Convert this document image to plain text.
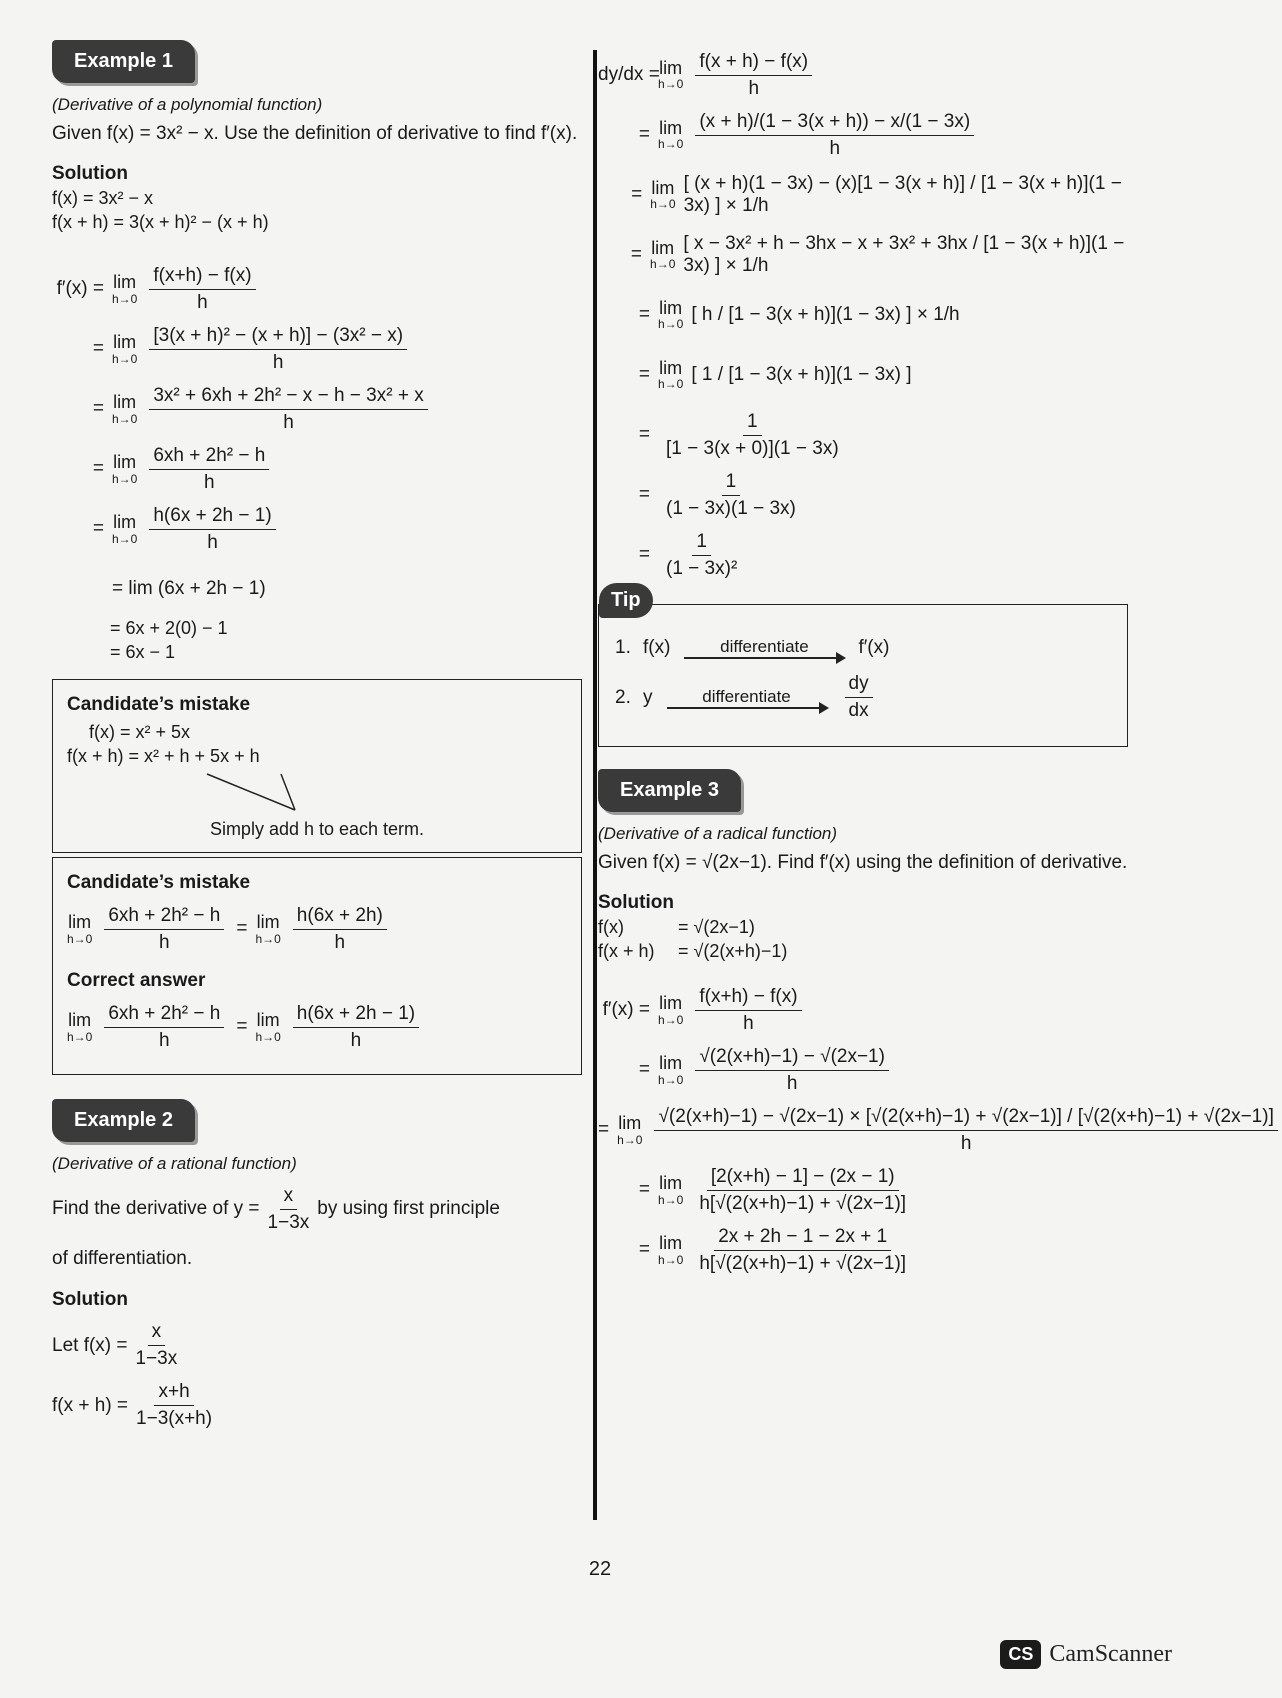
Example 1
(Derivative of a polynomial function)
Given f(x) = 3x² − x. Use the definition of derivative to find f′(x).
Solution
f(x) = 3x² − x
f(x + h) = 3(x + h)² − (x + h)
f′(x) = lim
$h\to 0 \frac{f(x+h) - f(x)}{h}$
= lim
$h\to 0 \frac{\text{[3(x + h)² − (x + h)] − (3x² − x)}}{h}$
= lim
$h\to 0 \frac{\text{3x² + 6xh + 2h² − x − h − 3x² + x}}{h}$
= lim
$h\to 0 \frac{\text{6xh + 2h² − h}}{h}$
= lim
$h\to 0 \frac{h(6x + 2h - 1)}{h}$
= lim (6x + 2h − 1)
= 6x + 2(0) − 1
= 6x − 1
Candidate’s mistake
f(x) = x² + 5x
f(x + h) = x² + h + 5x + h
Simply add h to each term.
Candidate’s mistake
lim
$h\to 0 \frac{\text{6xh + 2h² − h}}{h} = \lim$
$h\to 0 \frac{h(6x + 2h)}{h}$
Correct answer
lim
$h\to 0 \frac{\text{6xh + 2h² − h}}{h} = \lim$
$h\to 0 \frac{h(6x + 2h - 1)}{h}$
Example 2
(Derivative of a rational function)
Find the derivative of $y = \frac{x}{1-3x}$ by using first principle
of differentiation.
Solution
Let $f(x) = \frac{x}{1-3x}$
$f(x + h) = \frac{x+h}{1-3(x+h)}$
dy/dx = lim
$h\to 0 \frac{f(x + h) - f(x)}{h}$
= lim
$h\to 0 \frac{(x + h)/(1 - 3(x + h)) - x/(1 - 3x)}{h}$
= lim
h→0
[ (x + h)(1 − 3x) − (x)[1 − 3(x + h)] / [1 − 3(x + h)](1 − 3x) ] × 1/h
= lim
h→0
[ x − 3x² + h − 3hx − x + 3x² + 3hx / [1 − 3(x + h)](1 − 3x) ] × 1/h
= lim
h→0 [ h / [1 − 3(x + h)](1 − 3x) ] × 1/h
= lim
h→0 [ 1 / [1 − 3(x + h)](1 − 3x) ]
= $\frac{1}{[1 - 3(x + 0)](1 - 3x)}$
= $\frac{1}{(1 - 3x)(1 - 3x)}$
= $\frac{1}{\text{(1 − 3x)²}}$
Tip
1. f(x)	differentiate	f′(x)
2. y	differentiate	$\frac{dy}{dx}$
Example 3
(Derivative of a radical function)
Given f(x) = √(2x−1). Find f′(x) using the definition of derivative.
Solution
f(x)	= √(2x−1)
f(x + h)	= √(2(x+h)−1)
f′(x) = lim
$h\to 0 \frac{f(x+h) - f(x)}{h}$
= lim
$h\to 0 \frac{√(2(x+h)-1) - √(2x-1)}{h}$
= lim
h→0
√(2(x+h)−1) − √(2x−1) × [√(2(x+h)−1) + √(2x−1)] / [√(2(x+h)−1) + √(2x−1)]
h
= lim
$h\to 0 \frac{[2(x+h) - 1] - (2x - 1)}{h[√(2(x+h)-1) + √(2x-1)]}$
= lim
$h\to 0 \frac{2x + 2h - 1 - 2x + 1}{h[√(2(x+h)-1) + √(2x-1)]}$
22
CS CamScanner
